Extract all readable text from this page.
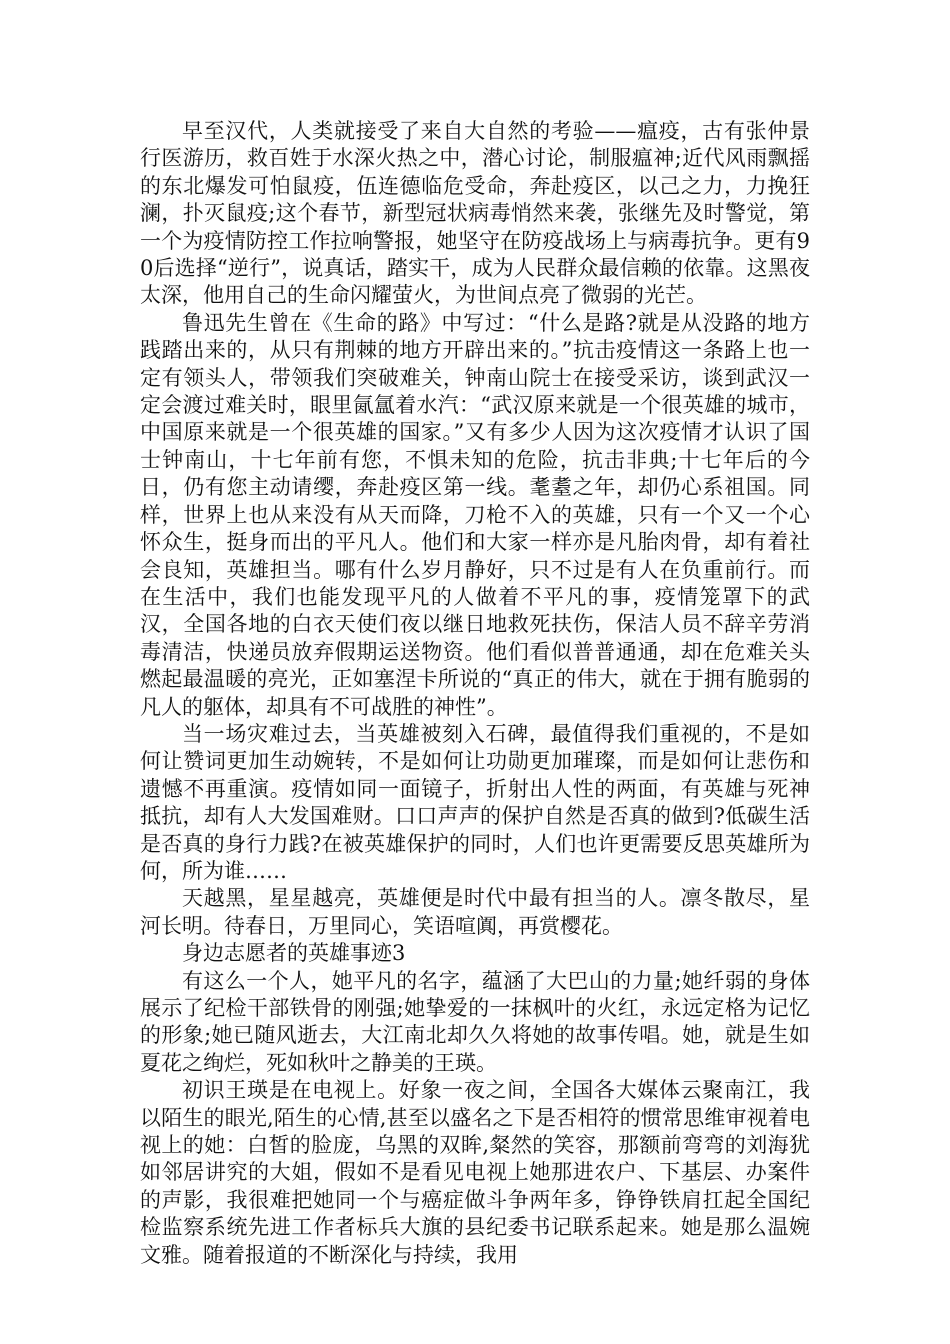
早至汉代，人类就接受了来自大自然的考验——瘟疫，古有张仲景行医游历，救百姓于水深火热之中，潜心讨论，制服瘟神;近代风雨飘摇的东北爆发可怕鼠疫，伍连德临危受命，奔赴疫区，以己之力，力挽狂澜，扑灭鼠疫;这个春节，新型冠状病毒悄然来袭，张继先及时警觉，第一个为疫情防控工作拉响警报，她坚守在防疫战场上与病毒抗争。更有90后选择“逆行”，说真话，踏实干，成为人民群众最信赖的依靠。这黑夜太深，他用自己的生命闪耀萤火，为世间点亮了微弱的光芒。

鲁迅先生曾在《生命的路》中写过：“什么是路?就是从没路的地方践踏出来的，从只有荆棘的地方开辟出来的。”抗击疫情这一条路上也一定有领头人，带领我们突破难关，钟南山院士在接受采访，谈到武汉一定会渡过难关时，眼里氤氲着水汽：“武汉原来就是一个很英雄的城市，中国原来就是一个很英雄的国家。”又有多少人因为这次疫情才认识了国士钟南山，十七年前有您，不惧未知的危险，抗击非典;十七年后的今日，仍有您主动请缨，奔赴疫区第一线。耄耋之年，却仍心系祖国。同样，世界上也从来没有从天而降，刀枪不入的英雄，只有一个又一个心怀众生，挺身而出的平凡人。他们和大家一样亦是凡胎肉骨，却有着社会良知，英雄担当。哪有什么岁月静好，只不过是有人在负重前行。而在生活中，我们也能发现平凡的人做着不平凡的事，疫情笼罩下的武汉，全国各地的白衣天使们夜以继日地救死扶伤，保洁人员不辞辛劳消毒清洁，快递员放弃假期运送物资。他们看似普普通通，却在危难关头燃起最温暖的亮光，正如塞涅卡所说的“真正的伟大，就在于拥有脆弱的凡人的躯体，却具有不可战胜的神性”。

当一场灾难过去，当英雄被刻入石碑，最值得我们重视的，不是如何让赞词更加生动婉转，不是如何让功勋更加璀璨，而是如何让悲伤和遗憾不再重演。疫情如同一面镜子，折射出人性的两面，有英雄与死神抵抗，却有人大发国难财。口口声声的保护自然是否真的做到?低碳生活是否真的身行力践?在被英雄保护的同时，人们也许更需要反思英雄所为何，所为谁……

天越黑，星星越亮，英雄便是时代中最有担当的人。凛冬散尽，星河长明。待春日，万里同心，笑语喧阗，再赏樱花。

身边志愿者的英雄事迹3

有这么一个人，她平凡的名字，蕴涵了大巴山的力量;她纤弱的身体展示了纪检干部铁骨的刚强;她挚爱的一抹枫叶的火红，永远定格为记忆的形象;她已随风逝去，大江南北却久久将她的故事传唱。她，就是生如夏花之绚烂，死如秋叶之静美的王瑛。

初识王瑛是在电视上。好象一夜之间，全国各大媒体云聚南江，我以陌生的眼光,陌生的心情,甚至以盛名之下是否相符的惯常思维审视着电视上的她：白皙的脸庞，乌黑的双眸,粲然的笑容，那额前弯弯的刘海犹如邻居讲究的大姐，假如不是看见电视上她那进农户、下基层、办案件的声影，我很难把她同一个与癌症做斗争两年多，铮铮铁肩扛起全国纪检监察系统先进工作者标兵大旗的县纪委书记联系起来。她是那么温婉文雅。随着报道的不断深化与持续，我用
